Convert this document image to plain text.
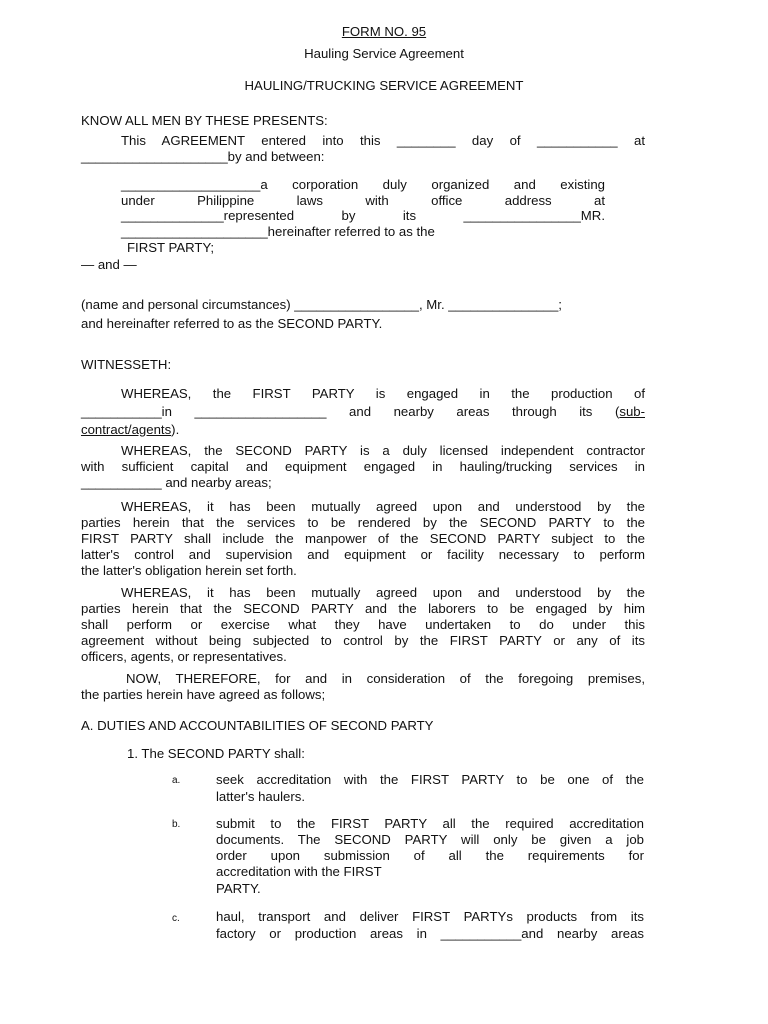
FORM NO. 95
Hauling Service Agreement
HAULING/TRUCKING SERVICE AGREEMENT
KNOW ALL MEN BY THESE PRESENTS:
This AGREEMENT entered into this ________ day of ___________ at
____________________by and between:
___________________a corporation duly organized and existing
under Philippine laws with office address at
______________represented by its ________________MR.
____________________hereinafter referred to as the
FIRST PARTY;
— and —
(name and personal circumstances) _________________, Mr. _______________;
and hereinafter referred to as the SECOND PARTY.
WITNESSETH:
WHEREAS, the FIRST PARTY is engaged in the production of
___________in __________________ and nearby areas through its (sub-
contract/agents).
WHEREAS, the SECOND PARTY is a duly licensed independent contractor
with sufficient capital and equipment engaged in hauling/trucking services in
___________ and nearby areas;
WHEREAS, it has been mutually agreed upon and understood by the
parties herein that the services to be rendered by the SECOND PARTY to the
FIRST PARTY shall include the manpower of the SECOND PARTY subject to the
latter's control and supervision and equipment or facility necessary to perform
the latter's obligation herein set forth.
WHEREAS, it has been mutually agreed upon and understood by the
parties herein that the SECOND PARTY and the laborers to be engaged by him
shall perform or exercise what they have undertaken to do under this
agreement without being subjected to control by the FIRST PARTY or any of its
officers, agents, or representatives.
NOW, THEREFORE, for and in consideration of the foregoing premises,
the parties herein have agreed as follows;
A. DUTIES AND ACCOUNTABILITIES OF SECOND PARTY
1. The SECOND PARTY shall:
a.	seek accreditation with the FIRST PARTY to be one of the
latter's haulers.
b.	submit to the FIRST PARTY all the required accreditation
documents. The SECOND PARTY will only be given a job
order upon submission of all the requirements for
accreditation with the FIRST
PARTY.
c.	haul, transport and deliver FIRST PARTYs products from its
factory or production areas in ___________and nearby areas
